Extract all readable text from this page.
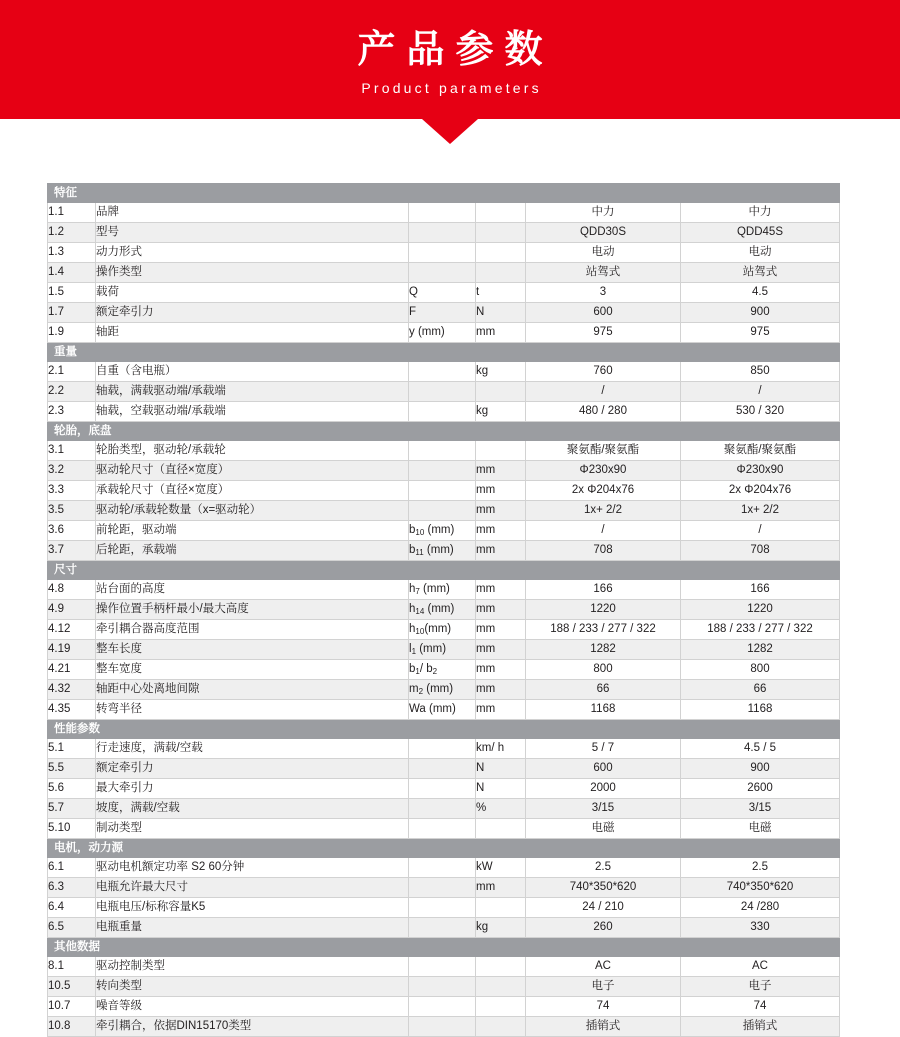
产品参数
Product parameters
特征					
1.1	品牌			中力	中力
1.2	型号			QDD30S	QDD45S
1.3	动力形式			电动	电动
1.4	操作类型			站驾式	站驾式
1.5	载荷	Q	t	3	4.5
1.7	额定牵引力	F	N	600	900
1.9	轴距	y (mm)	mm	975	975
重量					
2.1	自重（含电瓶）		kg	760	850
2.2	轴载，满载驱动端/承载端			/	/
2.3	轴载，空载驱动端/承载端		kg	480 / 280	530 / 320
轮胎，底盘					
3.1	轮胎类型，驱动轮/承载轮			聚氨酯/聚氨酯	聚氨酯/聚氨酯
3.2	驱动轮尺寸（直径×宽度）		mm	Φ230x90	Φ230x90
3.3	承载轮尺寸（直径×宽度）		mm	2x Φ204x76	2x Φ204x76
3.5	驱动轮/承载轮数量（x=驱动轮）		mm	1x+ 2/2	1x+ 2/2
3.6	前轮距，驱动端	$b_{10}$ (mm)	mm	/	/
3.7	后轮距，承载端	$b_{11}$ (mm)	mm	708	708
尺寸					
4.8	站台面的高度	$h_7$ (mm)	mm	166	166
4.9	操作位置手柄杆最小/最大高度	$h_{14}$ (mm)	mm	1220	1220
4.12	牵引耦合器高度范围	$h_{10}(mm)$	mm	188 / 233 / 277 / 322	188 / 233 / 277 / 322
4.19	整车长度	$l_1$ (mm)	mm	1282	1282
4.21	整车宽度	$b_1/$ $b_2$	mm	800	800
4.32	轴距中心处离地间隙	$m_2$ (mm)	mm	66	66
4.35	转弯半径	Wa (mm)	mm	1168	1168
性能参数					
5.1	行走速度，满载/空载		km/ h	5 / 7	4.5 / 5
5.5	额定牵引力		N	600	900
5.6	最大牵引力		N	2000	2600
5.7	坡度，满载/空载		%	3/15	3/15
5.10	制动类型			电磁	电磁
电机，动力源					
6.1	驱动电机额定功率 S2 60分钟		kW	2.5	2.5
6.3	电瓶允许最大尺寸		mm	740*350*620	740*350*620
6.4	电瓶电压/标称容量K5			24 / 210	24 /280
6.5	电瓶重量		kg	260	330
其他数据					
8.1	驱动控制类型			AC	AC
10.5	转向类型			电子	电子
10.7	噪音等级			74	74
10.8	牵引耦合，依据DIN15170类型			插销式	插销式
